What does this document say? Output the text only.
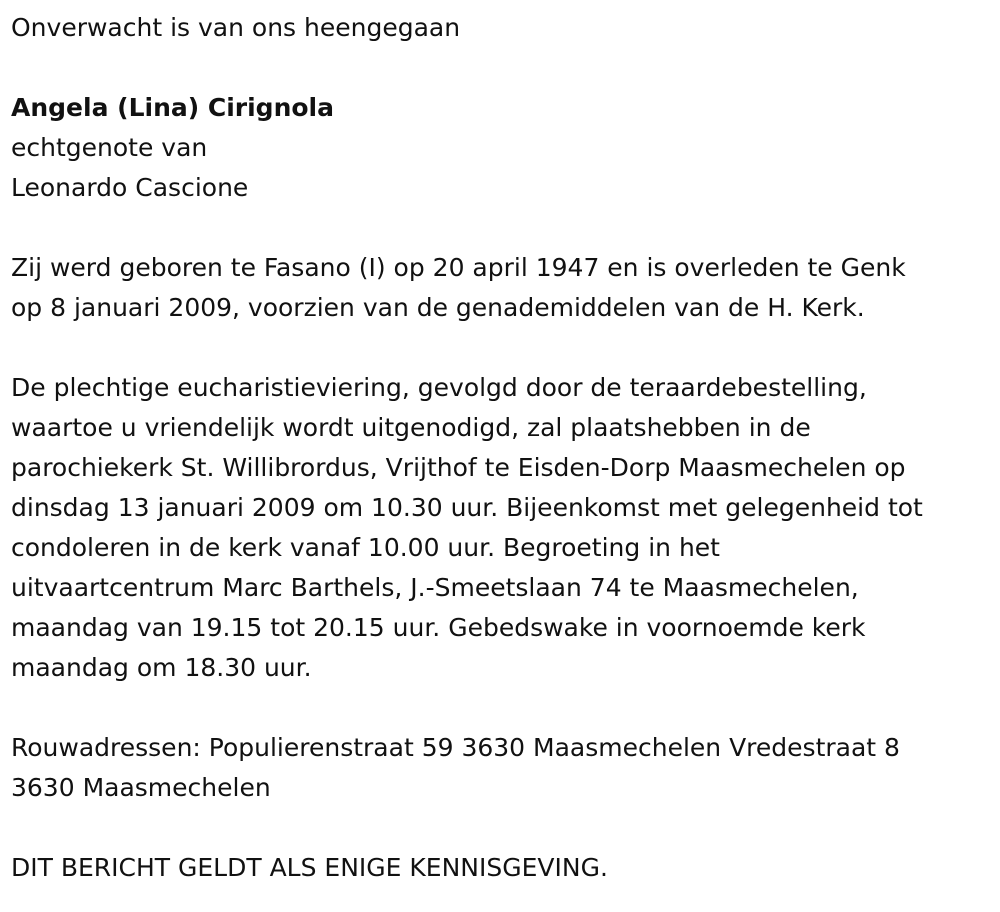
Onverwacht is van ons heengegaan

Angela (Lina) Cirignola

echtgenote van

Leonardo Cascione

Zij werd geboren te Fasano (I) op 20 april 1947 en is overleden te Genk

op 8 januari 2009, voorzien van de genademiddelen van de H. Kerk.

De plechtige eucharistieviering, gevolgd door de teraardebestelling,

waartoe u vriendelijk wordt uitgenodigd, zal plaatshebben in de

parochiekerk St. Willibrordus, Vrijthof te Eisden-Dorp Maasmechelen op

dinsdag 13 januari 2009 om 10.30 uur. Bijeenkomst met gelegenheid tot

condoleren in de kerk vanaf 10.00 uur. Begroeting in het

uitvaartcentrum Marc Barthels, J.-Smeetslaan 74 te Maasmechelen,

maandag van 19.15 tot 20.15 uur. Gebedswake in voornoemde kerk

maandag om 18.30 uur.

Rouwadressen: Populierenstraat 59 3630 Maasmechelen Vredestraat 8

3630 Maasmechelen

DIT BERICHT GELDT ALS ENIGE KENNISGEVING.
